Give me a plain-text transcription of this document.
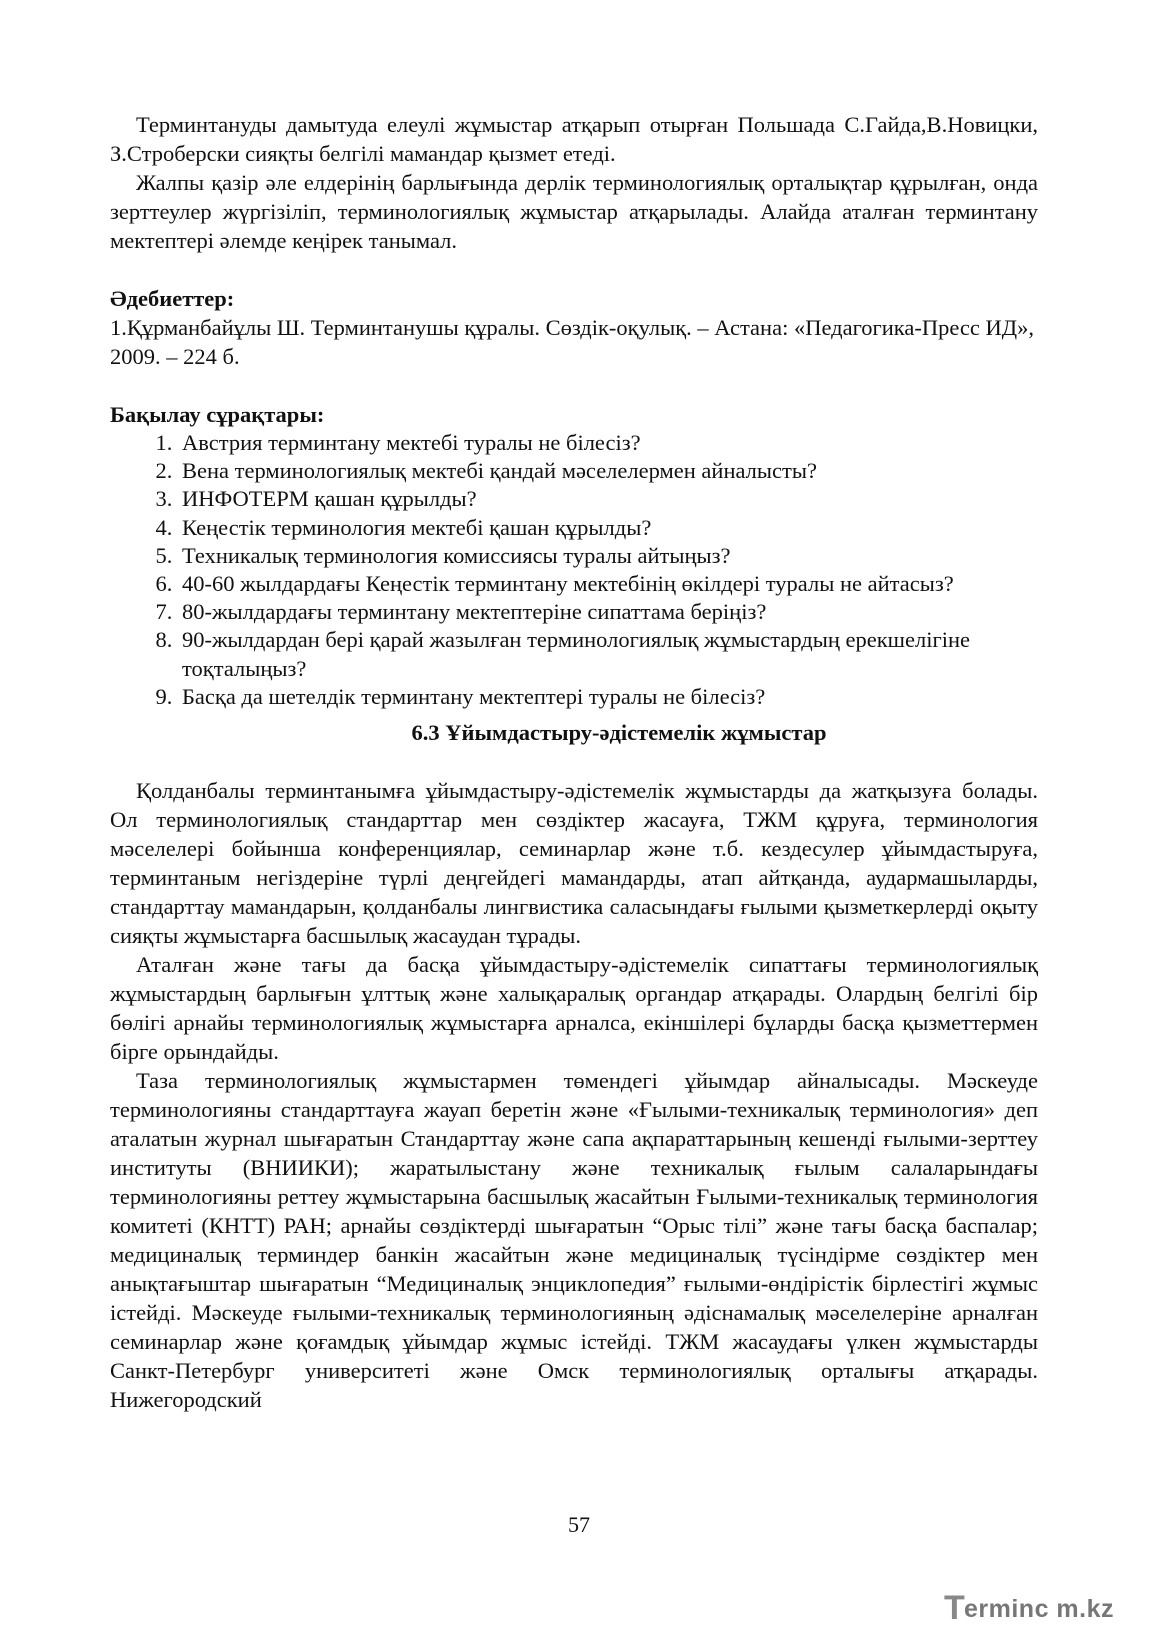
Терминтануды дамытуда елеулі жұмыстар атқарып отырған Польшада С.Гайда,В.Новицки, З.Строберски сияқты белгілі мамандар қызмет етеді.

Жалпы қазір әле елдерінің барлығында дерлік терминологиялық орталықтар құрылған, онда зерттеулер жүргізіліп, терминологиялық жұмыстар атқарылады. Алайда аталған терминтану мектептері әлемде кеңірек танымал.

Әдебиеттер:

1.Құрманбайұлы Ш. Терминтанушы құралы. Сөздік-оқулық. – Астана: «Педагогика-Пресс ИД», 2009. – 224 б.

Бақылау сұрақтары:

1. Австрия терминтану мектебі туралы не білесіз?
2. Вена терминологиялық мектебі қандай мәселелермен айналысты?
3. ИНФОТЕРМ қашан құрылды?
4. Кеңестік терминология мектебі қашан құрылды?
5. Техникалық терминология комиссиясы туралы айтыңыз?
6. 40-60 жылдардағы Кеңестік терминтану мектебінің өкілдері туралы не айтасыз?
7. 80-жылдардағы терминтану мектептеріне сипаттама беріңіз?
8. 90-жылдардан бері қарай жазылған терминологиялық жұмыстардың ерекшелігіне тоқталыңыз?
9. Басқа да шетелдік терминтану мектептері туралы не білесіз?

6.3 Ұйымдастыру-әдістемелік жұмыстар

Қолданбалы терминтанымға ұйымдастыру-әдістемелік жұмыстарды да жатқызуға болады. Ол терминологиялық стандарттар мен сөздіктер жасауға, ТЖМ құруға, терминология мәселелері бойынша конференциялар, семинарлар және т.б. кездесулер ұйымдастыруға, терминтаным негіздеріне түрлі деңгейдегі мамандарды, атап айтқанда, аудармашыларды, стандарттау мамандарын, қолданбалы лингвистика саласындағы ғылыми қызметкерлерді оқыту сияқты жұмыстарға басшылық жасаудан тұрады.

Аталған және тағы да басқа ұйымдастыру-әдістемелік сипаттағы терминологиялық жұмыстардың барлығын ұлттық және халықаралық органдар атқарады. Олардың белгілі бір бөлігі арнайы терминологиялық жұмыстарға арналса, екіншілері бұларды басқа қызметтермен бірге орындайды.

Таза терминологиялық жұмыстармен төмендегі ұйымдар айналысады. Мәскеуде терминологияны стандарттауға жауап беретін және «Ғылыми-техникалық терминология» деп аталатын журнал шығаратын Стандарттау және сапа ақпараттарының кешенді ғылыми-зерттеу институты (ВНИИКИ); жаратылыстану және техникалық ғылым салаларындағы терминологияны реттеу жұмыстарына басшылық жасайтын Ғылыми-техникалық терминология комитеті (КНТТ) РАН; арнайы сөздіктерді шығаратын “Орыс тілі” және тағы басқа баспалар; медициналық терминдер банкін жасайтын және медициналық түсіндірме сөздіктер мен анықтағыштар шығаратын “Медициналық энциклопедия” ғылыми-өндірістік бірлестігі жұмыс істейді. Мәскеуде ғылыми-техникалық терминологияның әдіснамалық мәселелеріне арналған семинарлар және қоғамдық ұйымдар жұмыс істейді. ТЖМ жасаудағы үлкен жұмыстарды Санкт-Петербург университеті және Омск терминологиялық орталығы атқарады. Нижегородский

57
T erminc m.kz
